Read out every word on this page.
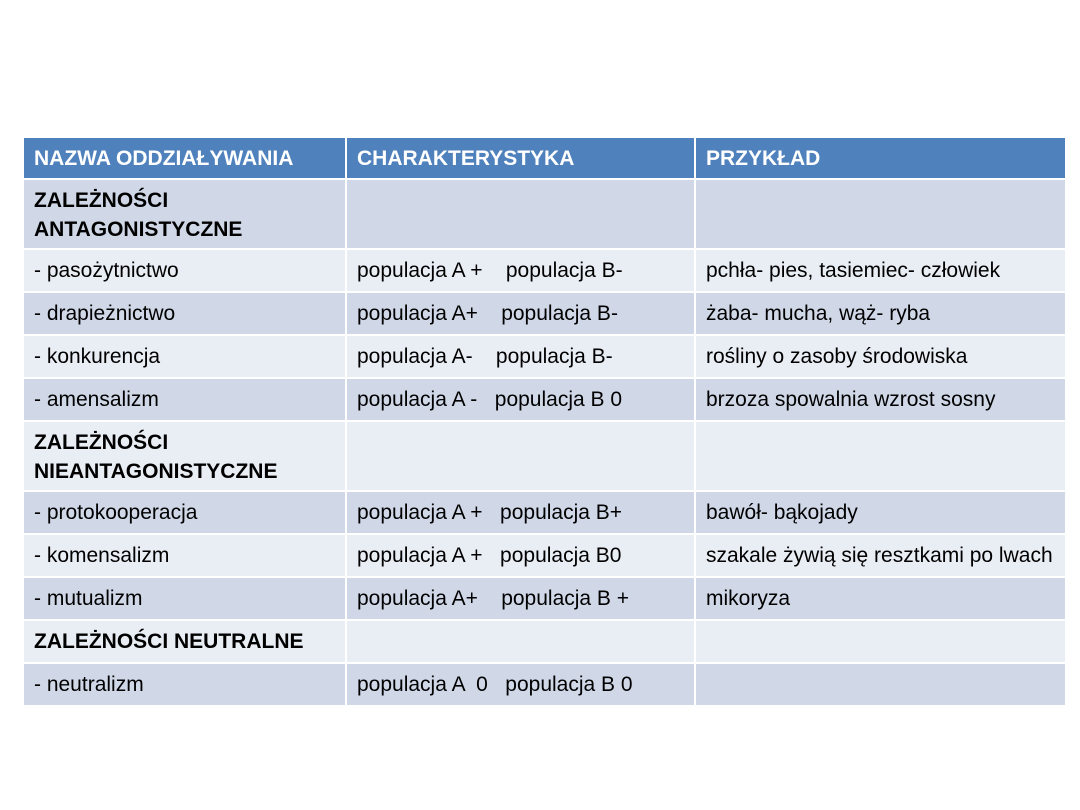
NAZWA ODDZIAŁYWANIA	CHARAKTERYSTYKA	PRZYKŁAD
ZALEŻNOŚCI ANTAGONISTYCZNE		
- pasożytnictwo	populacja A +    populacja B-	pchła- pies, tasiemiec- człowiek
- drapieżnictwo	populacja A+    populacja B-	żaba- mucha, wąż- ryba
- konkurencja	populacja A-    populacja B-	rośliny o zasoby środowiska
- amensalizm	populacja A -   populacja B 0	brzoza spowalnia wzrost sosny
ZALEŻNOŚCI NIEANTAGONISTYCZNE		
- protokooperacja	populacja A +   populacja B+	bawół- bąkojady
- komensalizm	populacja A +   populacja B0	szakale żywią się resztkami po lwach
- mutualizm	populacja A+    populacja B +	mikoryza
ZALEŻNOŚCI NEUTRALNE		
- neutralizm	populacja A  0   populacja B 0	
